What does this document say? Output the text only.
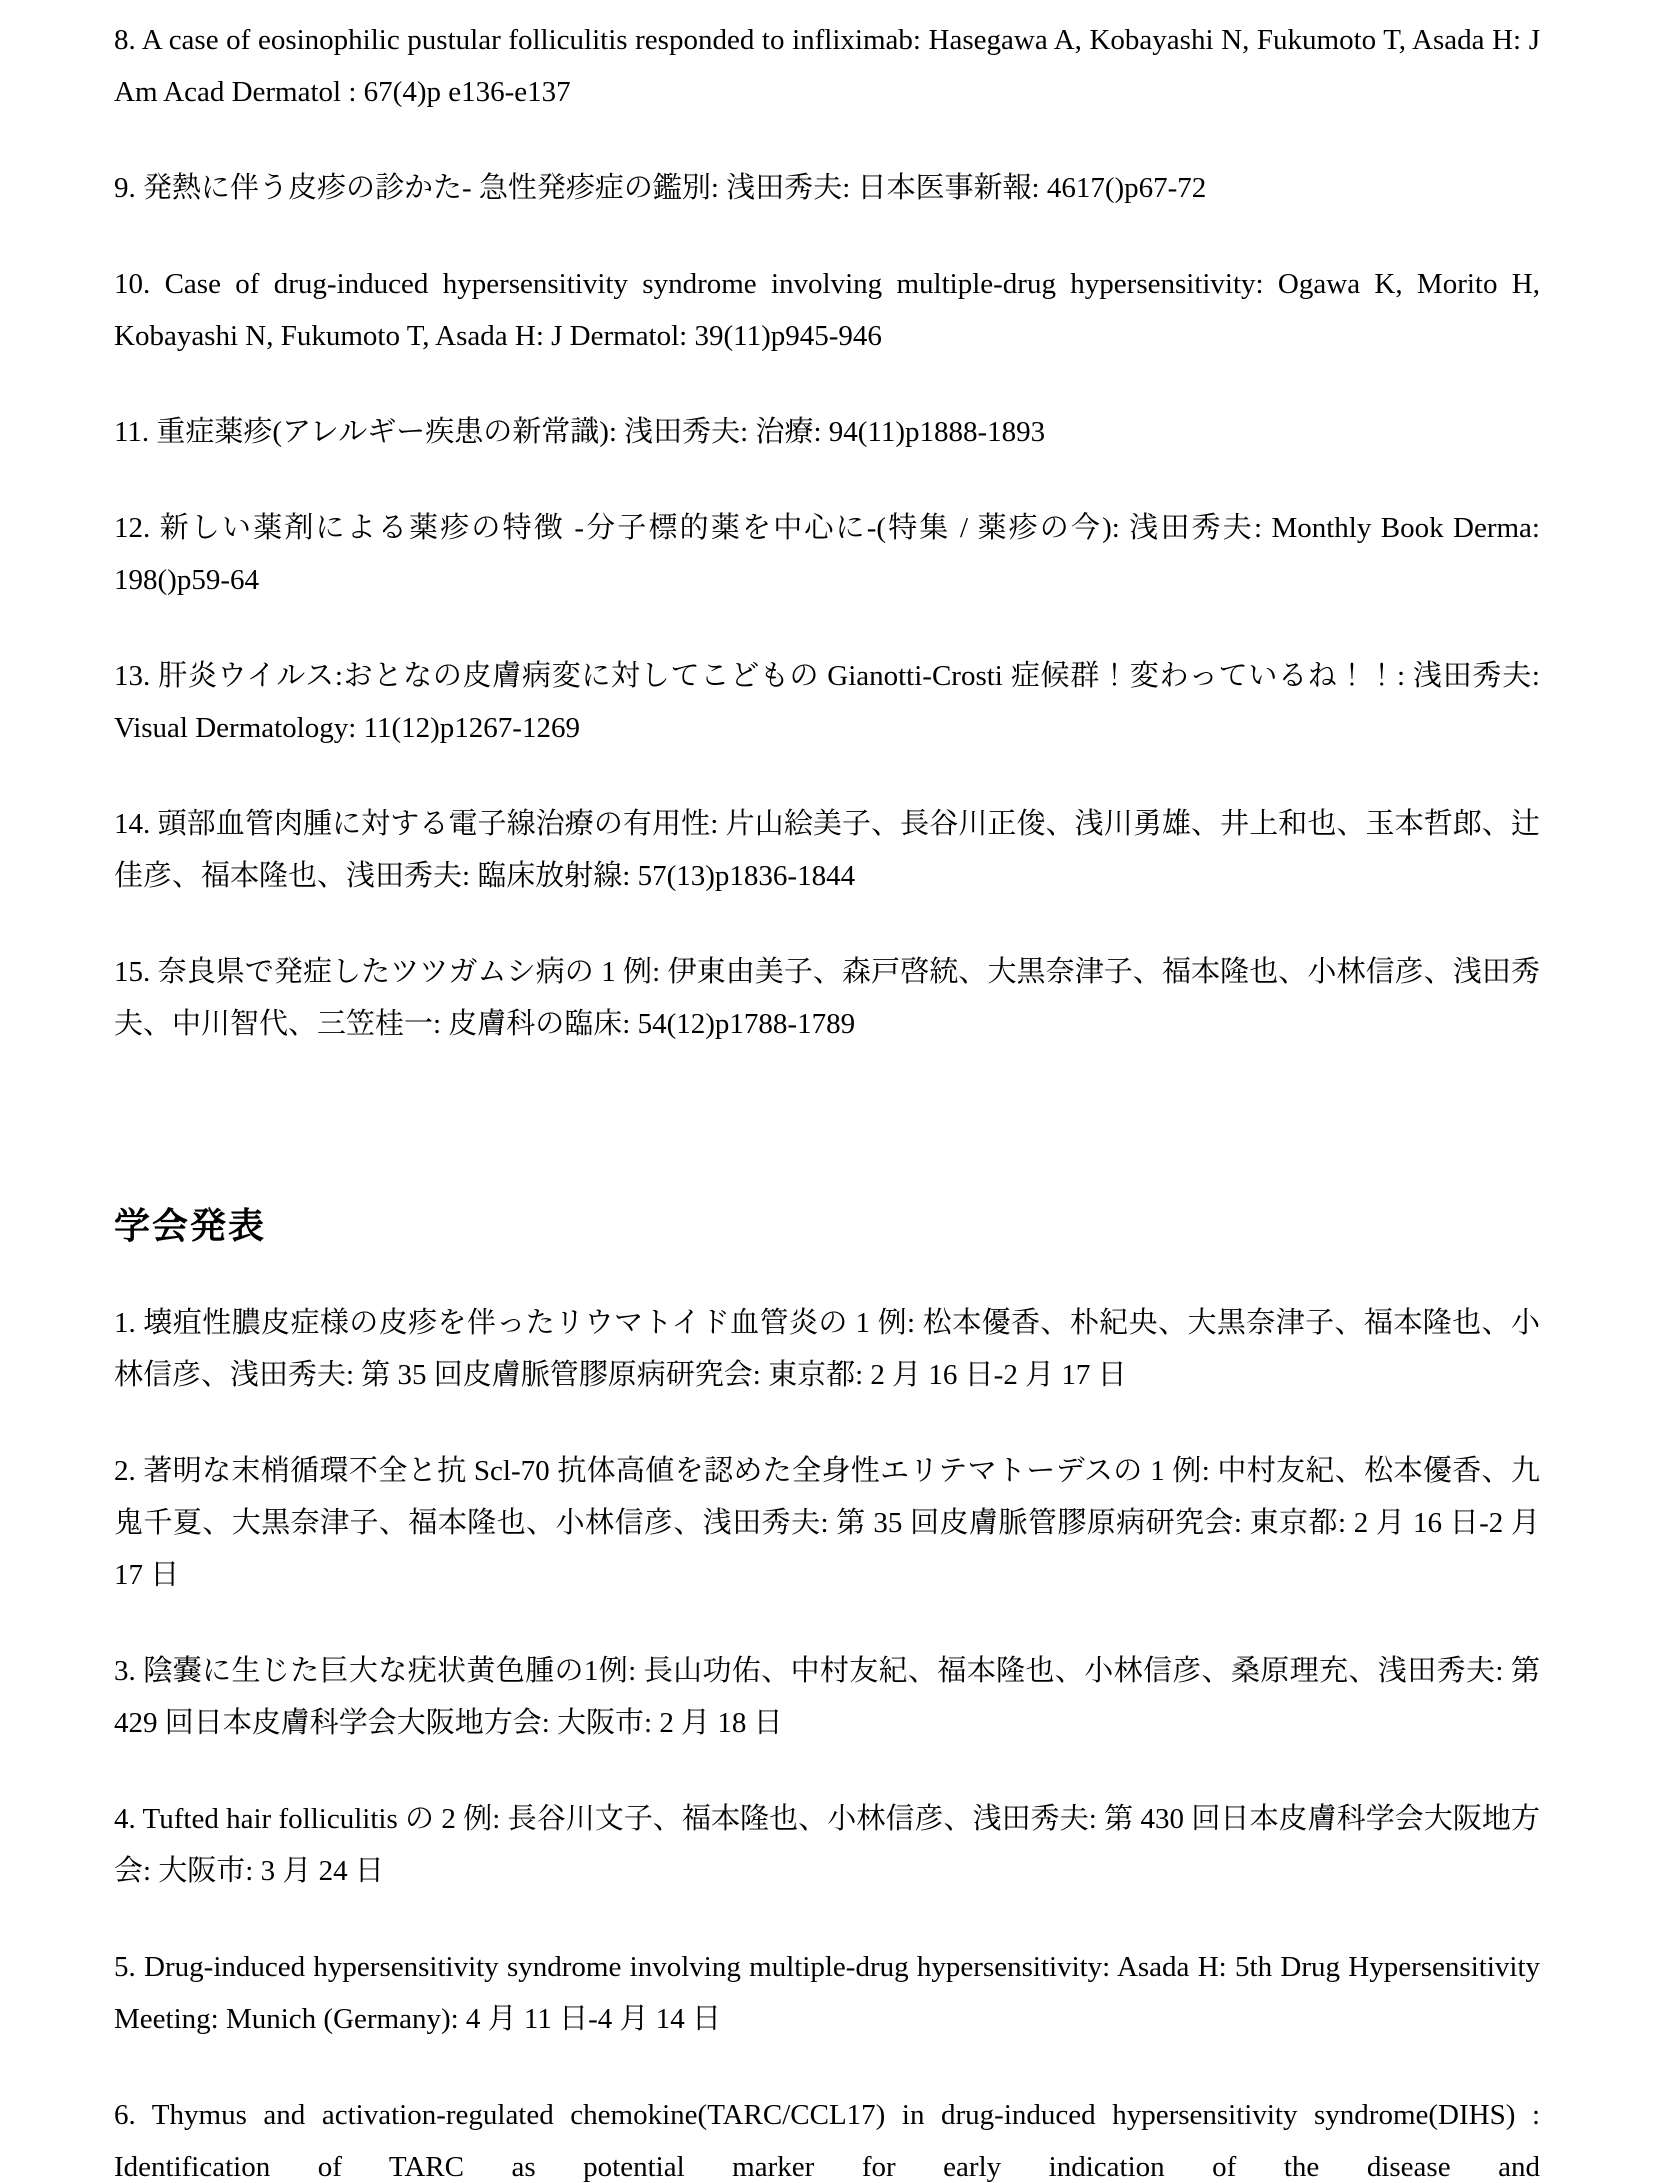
8. A case of eosinophilic pustular folliculitis responded to infliximab: Hasegawa A, Kobayashi N, Fukumoto T, Asada H: J Am Acad Dermatol : 67(4)p e136-e137

9. 発熱に伴う皮疹の診かた- 急性発疹症の鑑別: 浅田秀夫: 日本医事新報: 4617()p67-72

10. Case of drug-induced hypersensitivity syndrome involving multiple-drug hypersensitivity: Ogawa K, Morito H, Kobayashi N, Fukumoto T, Asada H: J Dermatol: 39(11)p945-946

11. 重症薬疹(アレルギー疾患の新常識): 浅田秀夫: 治療: 94(11)p1888-1893

12. 新しい薬剤による薬疹の特徴 -分子標的薬を中心に-(特集 / 薬疹の今): 浅田秀夫: Monthly Book Derma: 198()p59-64

13. 肝炎ウイルス:おとなの皮膚病変に対してこどもの Gianotti-Crosti 症候群！変わっているね！！: 浅田秀夫: Visual Dermatology: 11(12)p1267-1269

14. 頭部血管肉腫に対する電子線治療の有用性: 片山絵美子、長谷川正俊、浅川勇雄、井上和也、玉本哲郎、辻佳彦、福本隆也、浅田秀夫: 臨床放射線: 57(13)p1836-1844

15. 奈良県で発症したツツガムシ病の 1 例: 伊東由美子、森戸啓統、大黒奈津子、福本隆也、小林信彦、浅田秀夫、中川智代、三笠桂一: 皮膚科の臨床: 54(12)p1788-1789

学会発表

1. 壊疽性膿皮症様の皮疹を伴ったリウマトイド血管炎の 1 例: 松本優香、朴紀央、大黒奈津子、福本隆也、小林信彦、浅田秀夫: 第 35 回皮膚脈管膠原病研究会: 東京都: 2 月 16 日-2 月 17 日

2. 著明な末梢循環不全と抗 Scl-70 抗体高値を認めた全身性エリテマトーデスの 1 例: 中村友紀、松本優香、九鬼千夏、大黒奈津子、福本隆也、小林信彦、浅田秀夫: 第 35 回皮膚脈管膠原病研究会: 東京都: 2 月 16 日-2 月 17 日

3. 陰嚢に生じた巨大な疣状黄色腫の1例: 長山功佑、中村友紀、福本隆也、小林信彦、桑原理充、浅田秀夫: 第 429 回日本皮膚科学会大阪地方会: 大阪市: 2 月 18 日

4. Tufted hair folliculitis の 2 例: 長谷川文子、福本隆也、小林信彦、浅田秀夫: 第 430 回日本皮膚科学会大阪地方会: 大阪市: 3 月 24 日

5. Drug-induced hypersensitivity syndrome involving multiple-drug hypersensitivity: Asada H: 5th Drug Hypersensitivity Meeting: Munich (Germany): 4 月 11 日-4 月 14 日

6. Thymus and activation-regulated chemokine(TARC/CCL17) in drug-induced hypersensitivity syndrome(DIHS) : Identification of TARC as potential marker for early indication of the disease and
